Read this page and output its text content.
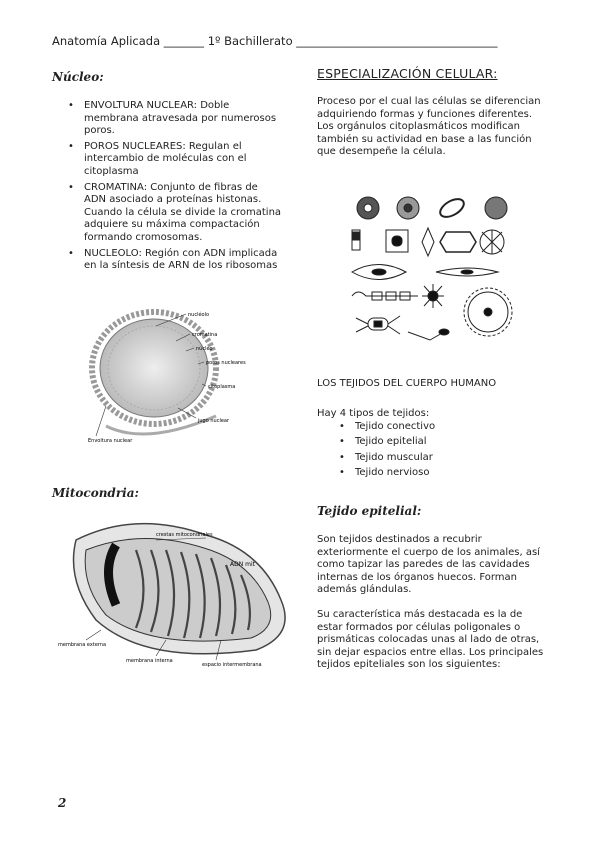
Anatomía Aplicada _______ 1º Bachillerato ___________________________________
Núcleo:
• ENVOLTURA NUCLEAR: Doble membrana atravesada por numerosos poros.
• POROS NUCLEARES: Regulan el intercambio de moléculas con el citoplasma
• CROMATINA: Conjunto de fibras de ADN asociado a proteínas histonas. Cuando la célula se divide la cromatina adquiere su máxima compactación formando cromosomas.
• NUCLEOLO: Región con ADN implicada en la síntesis de ARN de los ribosomas
nucléolo
cromatina
núcleo
poros nucleares
citoplasma
jugo nuclear
Envoltura nuclear
Mitocondria:
crestas mitocondriales
ADN mit
membrana externa
membrana interna
espacio intermembrana
ESPECIALIZACIÓN CELULAR:
Proceso por el cual las células se diferencian adquiriendo formas y funciones diferentes.
Los orgánulos citoplasmáticos modifican también su actividad en base a las función que desempeñe la célula.
LOS TEJIDOS DEL CUERPO HUMANO
Hay 4 tipos de tejidos:
• Tejido conectivo
• Tejido epitelial
• Tejido muscular
• Tejido nervioso
Tejido epitelial:
Son tejidos destinados a recubrir exteriormente el cuerpo de los animales, así como tapizar las paredes de las cavidades internas de los órganos huecos. Forman además glándulas.
Su característica más destacada es la de estar formados por células poligonales o prismáticas colocadas unas al lado de otras, sin dejar espacios entre ellas. Los principales tejidos epiteliales son los siguientes:
2
